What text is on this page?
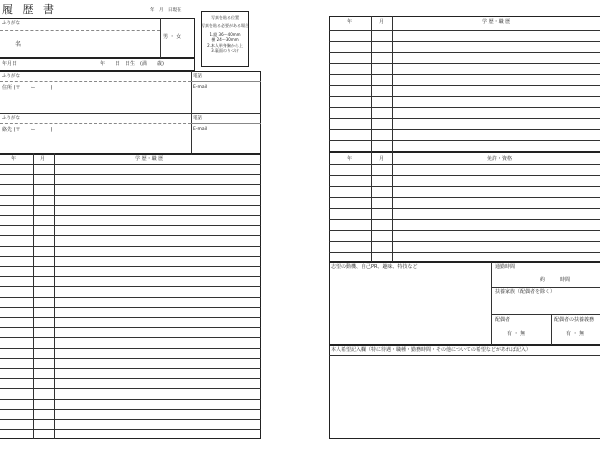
履 歴 書	年　月　日現在
ふりがな
名
男 ・ 女
年月日	年　　日　日生　(満　　歳)
写真を貼る位置
写真を貼る必要がある場合
1.縦 36〜40mm
横 24〜30mm
2.本人単身胸から上
3.裏面のりづけ
ふりがな
住所 (〒　　ー　　　)
電話
E-mail
ふりがな
絡先 (〒　　ー　　　)
電話
E-mail
年	月	学 歴・職 歴
年	月	学 歴・職 歴
年	月	免許・資格
志望の動機、自己PR、趣味、特技など	通勤時間
約　　　時間
扶養家族（配偶者を除く）
配偶者
有 ・ 無
配偶者の扶養義務
有 ・ 無
本人希望記入欄（特に待遇・職種・勤務時間・その他についての希望などがあれば記入）
